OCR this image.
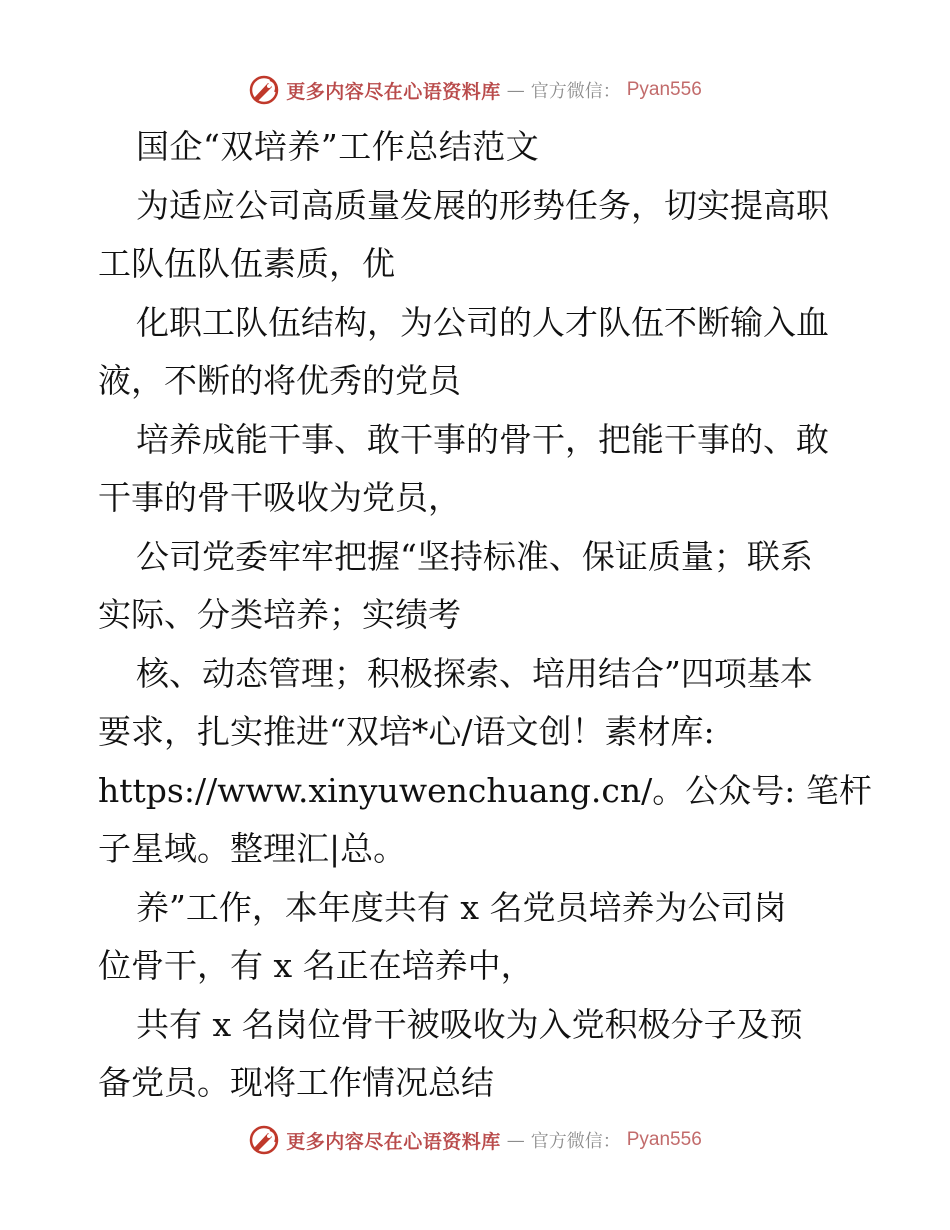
更多内容尽在心语资料库 — 官方微信： Pyan556
国企“双培养”工作总结范文
为适应公司高质量发展的形势任务，切实提高职
工队伍队伍素质，优
化职工队伍结构，为公司的人才队伍不断输入血
液，不断的将优秀的党员
培养成能干事、敢干事的骨干，把能干事的、敢
干事的骨干吸收为党员，
公司党委牢牢把握“坚持标准、保证质量；联系
实际、分类培养；实绩考
核、动态管理；积极探索、培用结合”四项基本
要求，扎实推进“双培*心/语文创！素材库:
https://www.xinyuwenchuang.cn/。公众号: 笔杆
子星域。整理汇|总。
养”工作，本年度共有 x 名党员培养为公司岗
位骨干，有 x 名正在培养中，
共有 x 名岗位骨干被吸收为入党积极分子及预
备党员。现将工作情况总结
更多内容尽在心语资料库 — 官方微信： Pyan556
